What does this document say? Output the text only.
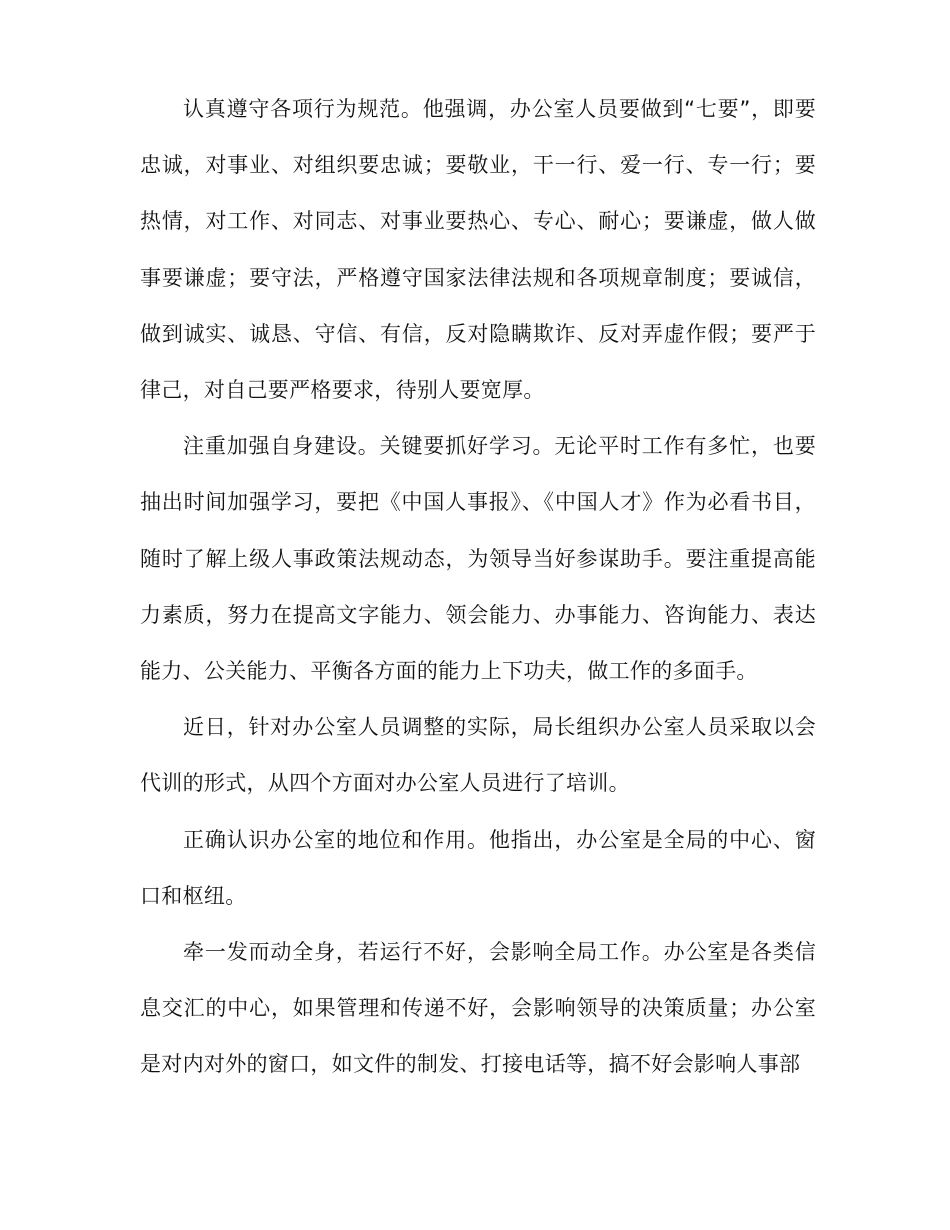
认真遵守各项行为规范。他强调，办公室人员要做到“七要”，即要忠诚，对事业、对组织要忠诚；要敬业，干一行、爱一行、专一行；要热情，对工作、对同志、对事业要热心、专心、耐心；要谦虚，做人做事要谦虚；要守法，严格遵守国家法律法规和各项规章制度；要诚信，做到诚实、诚恳、守信、有信，反对隐瞒欺诈、反对弄虚作假；要严于律己，对自己要严格要求，待别人要宽厚。

注重加强自身建设。关键要抓好学习。无论平时工作有多忙，也要抽出时间加强学习，要把《中国人事报》、《中国人才》作为必看书目，随时了解上级人事政策法规动态，为领导当好参谋助手。要注重提高能力素质，努力在提高文字能力、领会能力、办事能力、咨询能力、表达能力、公关能力、平衡各方面的能力上下功夫，做工作的多面手。

近日，针对办公室人员调整的实际，局长组织办公室人员采取以会代训的形式，从四个方面对办公室人员进行了培训。

正确认识办公室的地位和作用。他指出，办公室是全局的中心、窗口和枢纽。

牵一发而动全身，若运行不好，会影响全局工作。办公室是各类信息交汇的中心，如果管理和传递不好，会影响领导的决策质量；办公室是对内对外的窗口，如文件的制发、打接电话等，搞不好会影响人事部
